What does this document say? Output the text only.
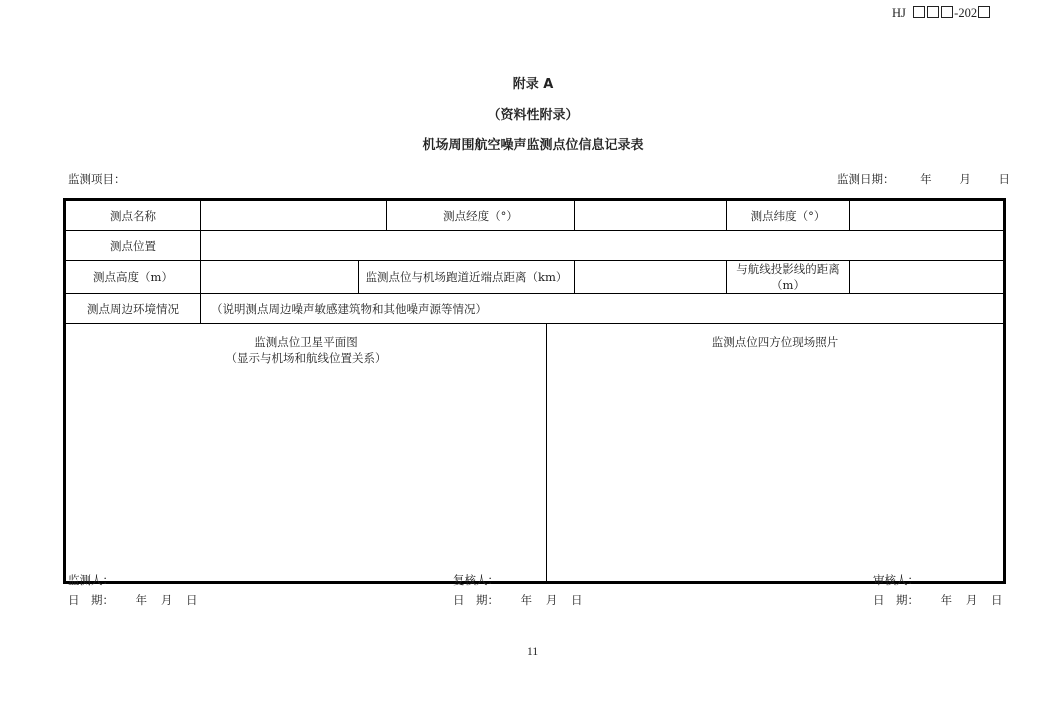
HJ	-202
附录 A
（资料性附录）
机场周围航空噪声监测点位信息记录表
监测项目：	监测日期： 年 月 日
测点名称			测点经度（°）			测点纬度（°）	
测点位置							
测点高度（m）		监测点位与机场跑道近端点距离（km）				与航线投影线的距离（m）	
测点周边环境情况	（说明测点周边噪声敏感建筑物和其他噪声源等情况）						

监测点位卫星平面图
（显示与机场和航线位置关系）				监测点位四方位现场照片			
监测人：
日　期： 年 月 日
复核人：
日　期： 年 月 日
审核人：
日　期： 年 月 日
11
